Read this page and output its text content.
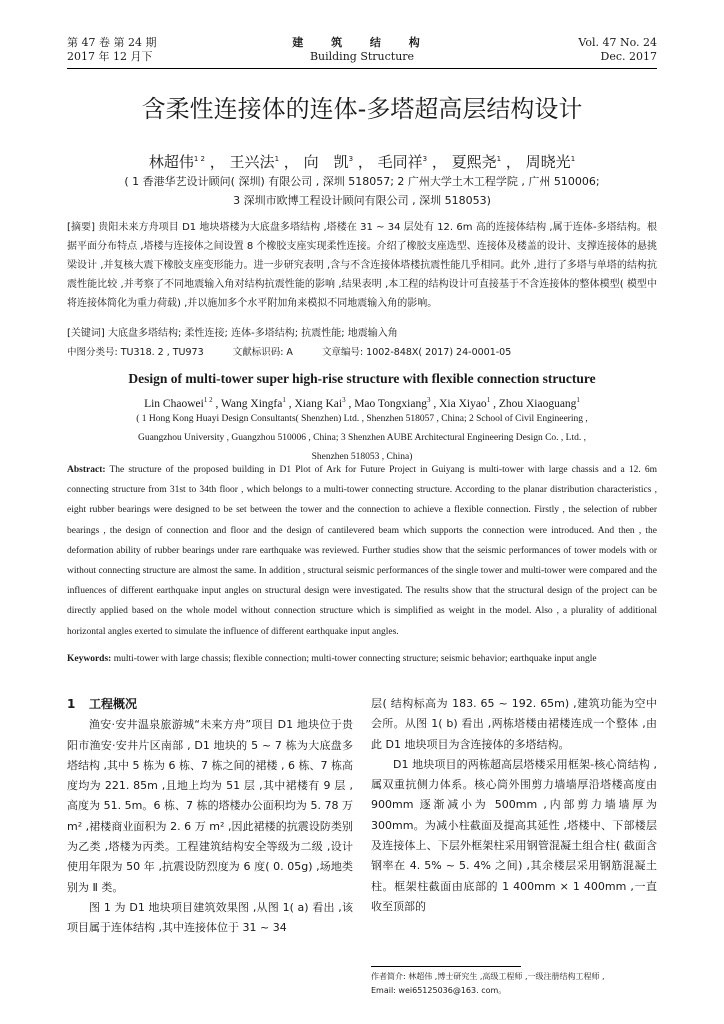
第 47 卷 第 24 期
2017 年 12 月下
建 筑 结 构
Building Structure
Vol. 47 No. 24
Dec. 2017
含柔性连接体的连体-多塔超高层结构设计
林超伟$^{1 2}$ ， 王兴法$^1$ ， 向　凯$^3$ ， 毛同祥$^3$ ， 夏熙尧$^1$ ， 周晓光$^1$
( 1 香港华艺设计顾问( 深圳) 有限公司 , 深圳 518057; 2 广州大学土木工程学院 , 广州 510006;
3 深圳市欧博工程设计顾问有限公司 , 深圳 518053)
[摘要] 贵阳未来方舟项目 D1 地块塔楼为大底盘多塔结构 ,塔楼在 31 ~ 34 层处有 12. 6m 高的连接体结构 ,属于连体-多塔结构。根据平面分布特点 ,塔楼与连接体之间设置 8 个橡胶支座实现柔性连接。介绍了橡胶支座选型、连接体及楼盖的设计、支撑连接体的悬挑梁设计 ,并复核大震下橡胶支座变形能力。进一步研究表明 ,含与不含连接体塔楼抗震性能几乎相同。此外 ,进行了多塔与单塔的结构抗震性能比较 ,并考察了不同地震输入角对结构抗震性能的影响 ,结果表明 ,本工程的结构设计可直接基于不含连接体的整体模型( 模型中将连接体简化为重力荷载) ,并以施加多个水平附加角来模拟不同地震输入角的影响。
[关键词] 大底盘多塔结构; 柔性连接; 连体-多塔结构; 抗震性能; 地震输入角
中图分类号: TU318. 2 , TU973	文献标识码: A	文章编号: 1002-848X( 2017) 24-0001-05
Design of multi-tower super high-rise structure with flexible connection structure
Lin Chaowei$^{1 2}$ , Wang Xingfa$^1$ , Xiang Kai$^3$ , Mao Tongxiang$^3$ , Xia Xiyao$^1$ , Zhou Xiaoguang$^1$
( 1 Hong Kong Huayi Design Consultants( Shenzhen) Ltd. , Shenzhen 518057 , China; 2 School of Civil Engineering ,
Guangzhou University , Guangzhou 510006 , China; 3 Shenzhen AUBE Architectural Engineering Design Co. , Ltd. ,
Shenzhen 518053 , China)
Abstract: The structure of the proposed building in D1 Plot of Ark for Future Project in Guiyang is multi-tower with large chassis and a 12. 6m connecting structure from 31st to 34th floor , which belongs to a multi-tower connecting structure. According to the planar distribution characteristics , eight rubber bearings were designed to be set between the tower and the connection to achieve a flexible connection. Firstly , the selection of rubber bearings , the design of connection and floor and the design of cantilevered beam which supports the connection were introduced. And then , the deformation ability of rubber bearings under rare earthquake was reviewed. Further studies show that the seismic performances of tower models with or without connecting structure are almost the same. In addition , structural seismic performances of the single tower and multi-tower were compared and the influences of different earthquake input angles on structural design were investigated. The results show that the structural design of the project can be directly applied based on the whole model without connection structure which is simplified as weight in the model. Also , a plurality of additional horizontal angles exerted to simulate the influence of different earthquake input angles.
Keywords: multi-tower with large chassis; flexible connection; multi-tower connecting structure; seismic behavior; earthquake input angle
1 工程概况

渔安·安井温泉旅游城“未来方舟”项目 D1 地块位于贵阳市渔安·安井片区南部 , D1 地块的 5 ~ 7 栋为大底盘多塔结构 ,其中 5 栋为 6 栋、7 栋之间的裙楼 , 6 栋、7 栋高度均为 221. 85m ,且地上均为 51 层 ,其中裙楼有 9 层 ,高度为 51. 5m。6 栋、7 栋的塔楼办公面积均为 5. 78 万 m² ,裙楼商业面积为 2. 6 万 m² ,因此裙楼的抗震设防类别为乙类 ,塔楼为丙类。工程建筑结构安全等级为二级 ,设计使用年限为 50 年 ,抗震设防烈度为 6 度( 0. 05g) ,场地类别为 Ⅱ 类。

图 1 为 D1 地块项目建筑效果图 ,从图 1( a) 看出 ,该项目属于连体结构 ,其中连接体位于 31 ~ 34

层( 结构标高为 183. 65 ~ 192. 65m) ,建筑功能为空中会所。从图 1( b) 看出 ,两栋塔楼由裙楼连成一个整体 ,由此 D1 地块项目为含连接体的多塔结构。

D1 地块项目的两栋超高层塔楼采用框架-核心筒结构 ,属双重抗侧力体系。核心筒外围剪力墙墙厚沿塔楼高度由 900mm 逐渐减小为 500mm ,内部剪力墙墙厚为 300mm。为减小柱截面及提高其延性 ,塔楼中、下部楼层及连接体上、下层外框架柱采用钢管混凝土组合柱( 截面含钢率在 4. 5% ~ 5. 4% 之间) ,其余楼层采用钢筋混凝土柱。框架柱截面由底部的 1 400mm × 1 400mm ,一直收至顶部的

作者简介: 林超伟 ,博士研究生 ,高级工程师 ,一级注册结构工程师 ,
Email: wei65125036@163. com。
